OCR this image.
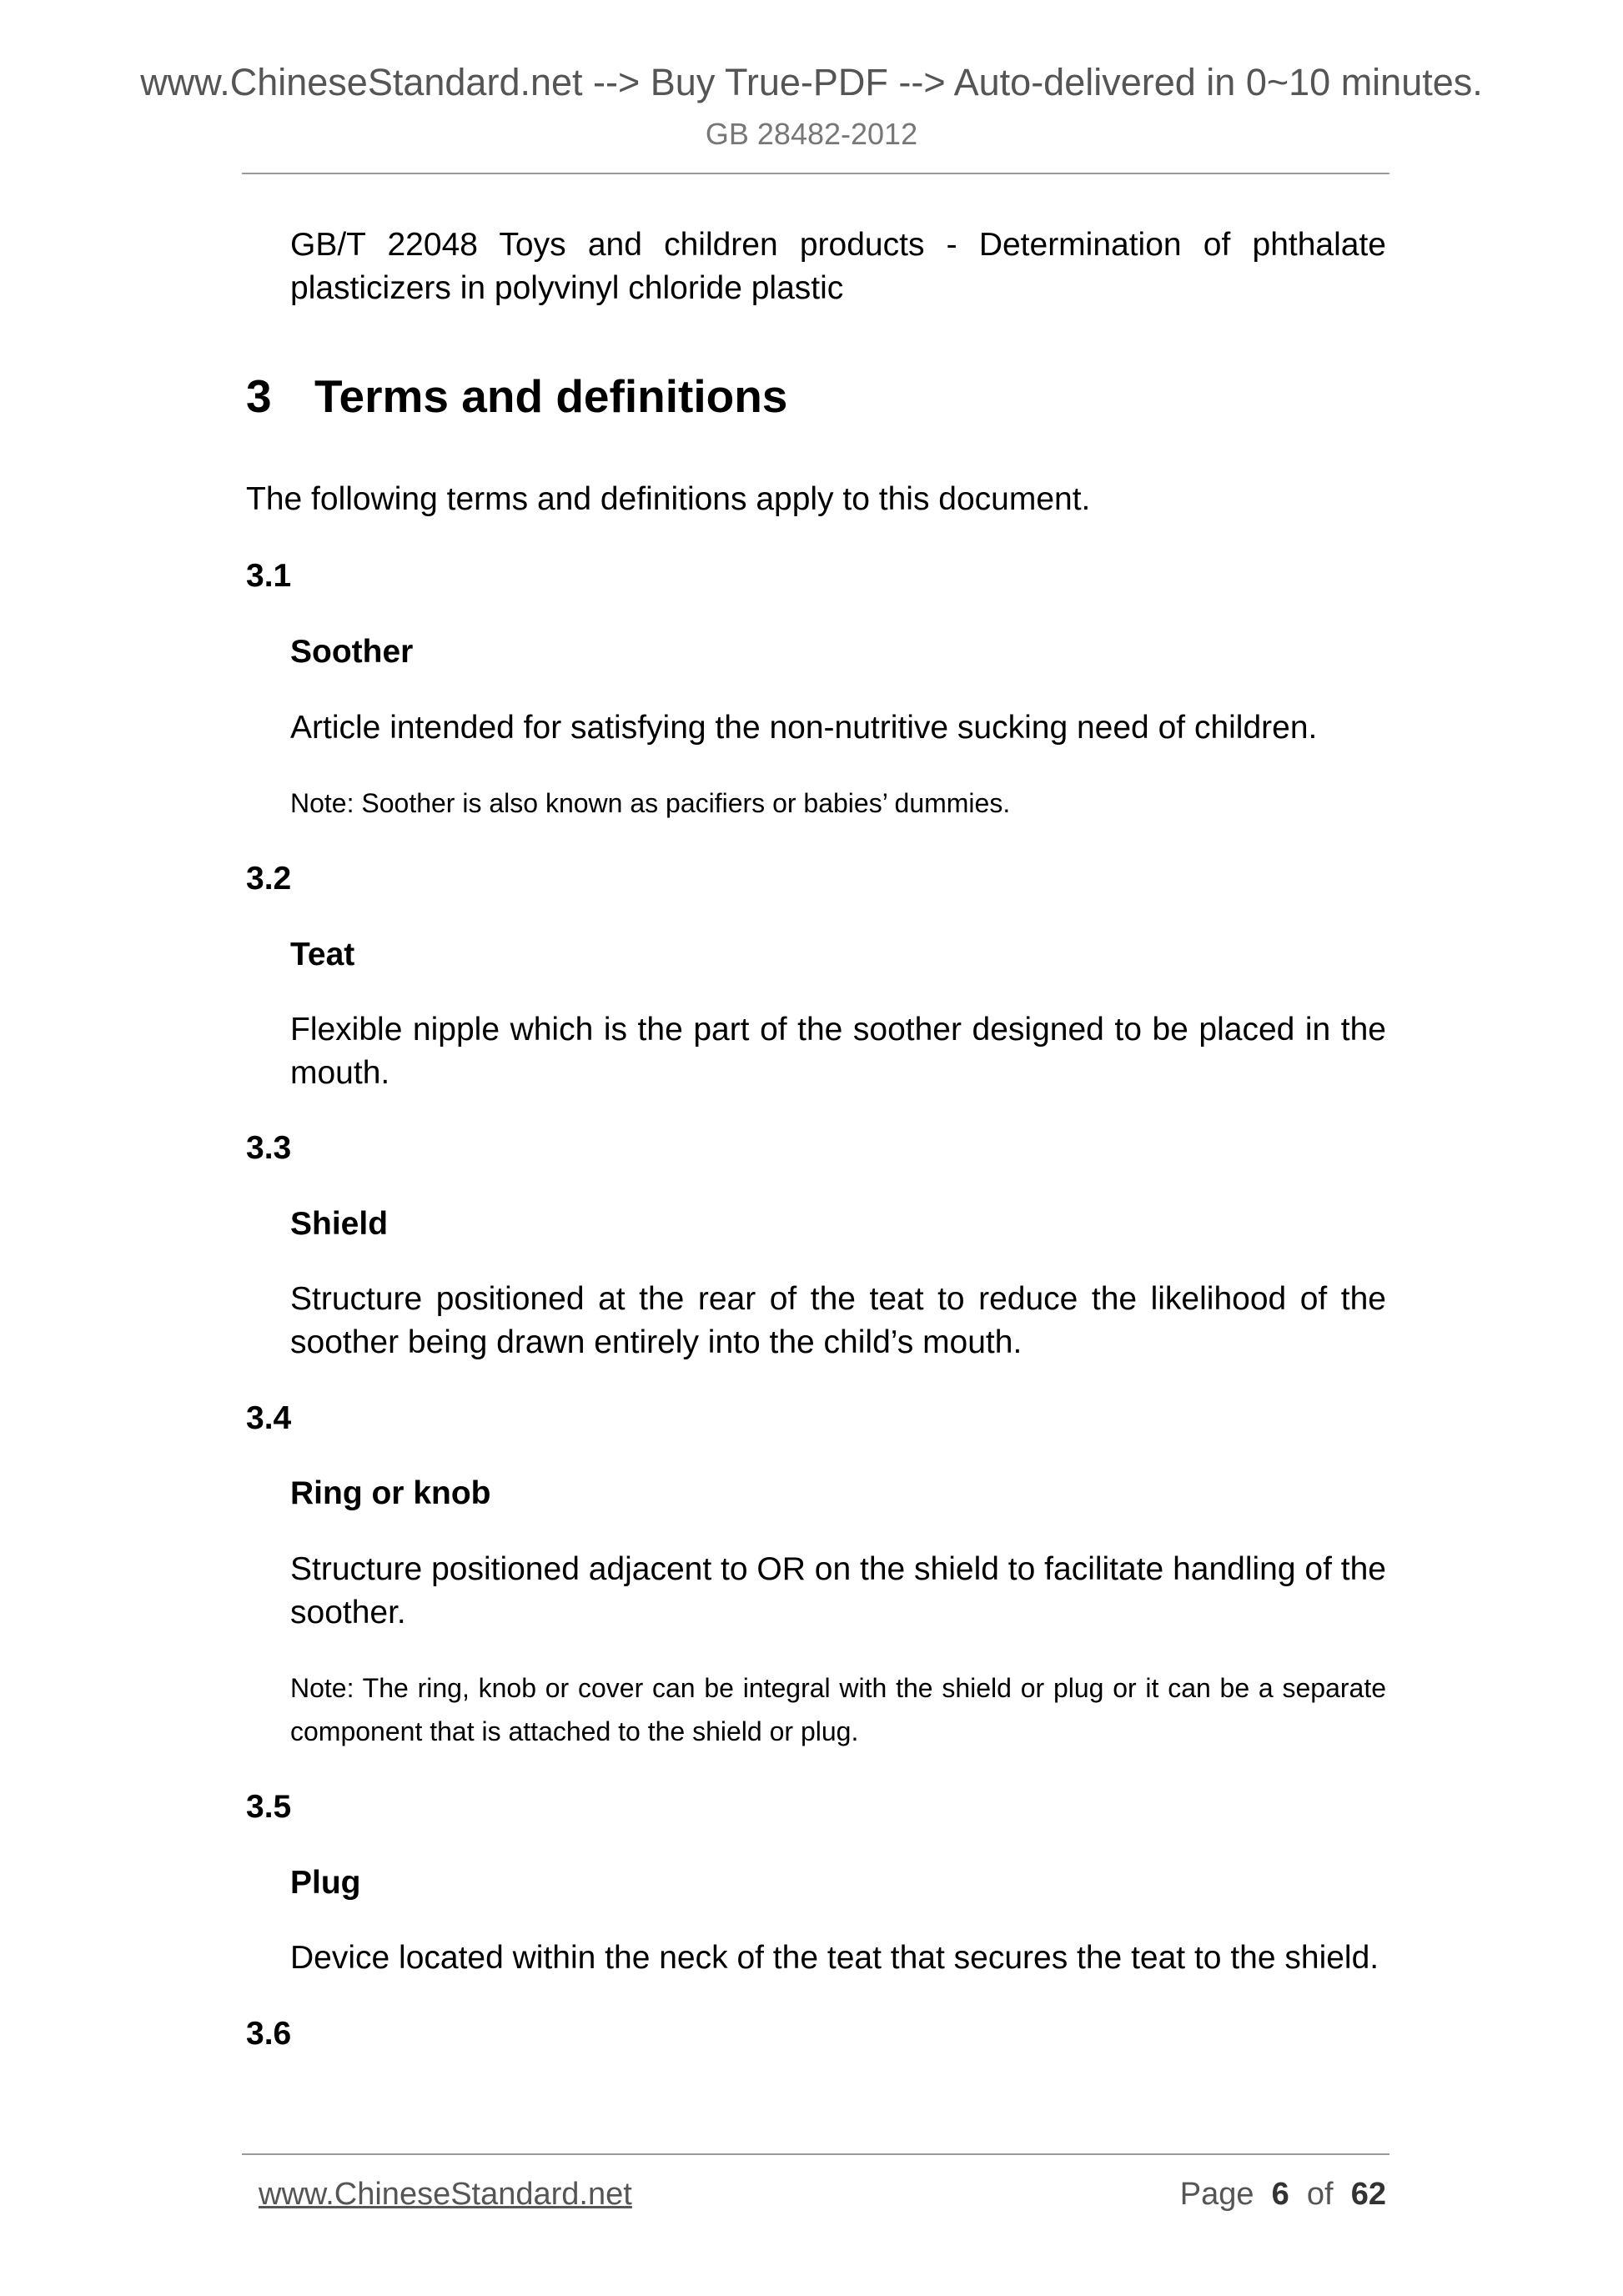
www.ChineseStandard.net --> Buy True-PDF --> Auto-delivered in 0~10 minutes.
GB 28482-2012

GB/T 22048 Toys and children products - Determination of phthalate plasticizers in polyvinyl chloride plastic

3 Terms and definitions

The following terms and definitions apply to this document.

3.1

Soother

Article intended for satisfying the non-nutritive sucking need of children.

Note: Soother is also known as pacifiers or babies’ dummies.

3.2

Teat

Flexible nipple which is the part of the soother designed to be placed in the mouth.

3.3

Shield

Structure positioned at the rear of the teat to reduce the likelihood of the soother being drawn entirely into the child’s mouth.

3.4

Ring or knob

Structure positioned adjacent to OR on the shield to facilitate handling of the soother.

Note: The ring, knob or cover can be integral with the shield or plug or it can be a separate component that is attached to the shield or plug.

3.5

Plug

Device located within the neck of the teat that secures the teat to the shield.

3.6

www.ChineseStandard.net	Page 6 of 62
